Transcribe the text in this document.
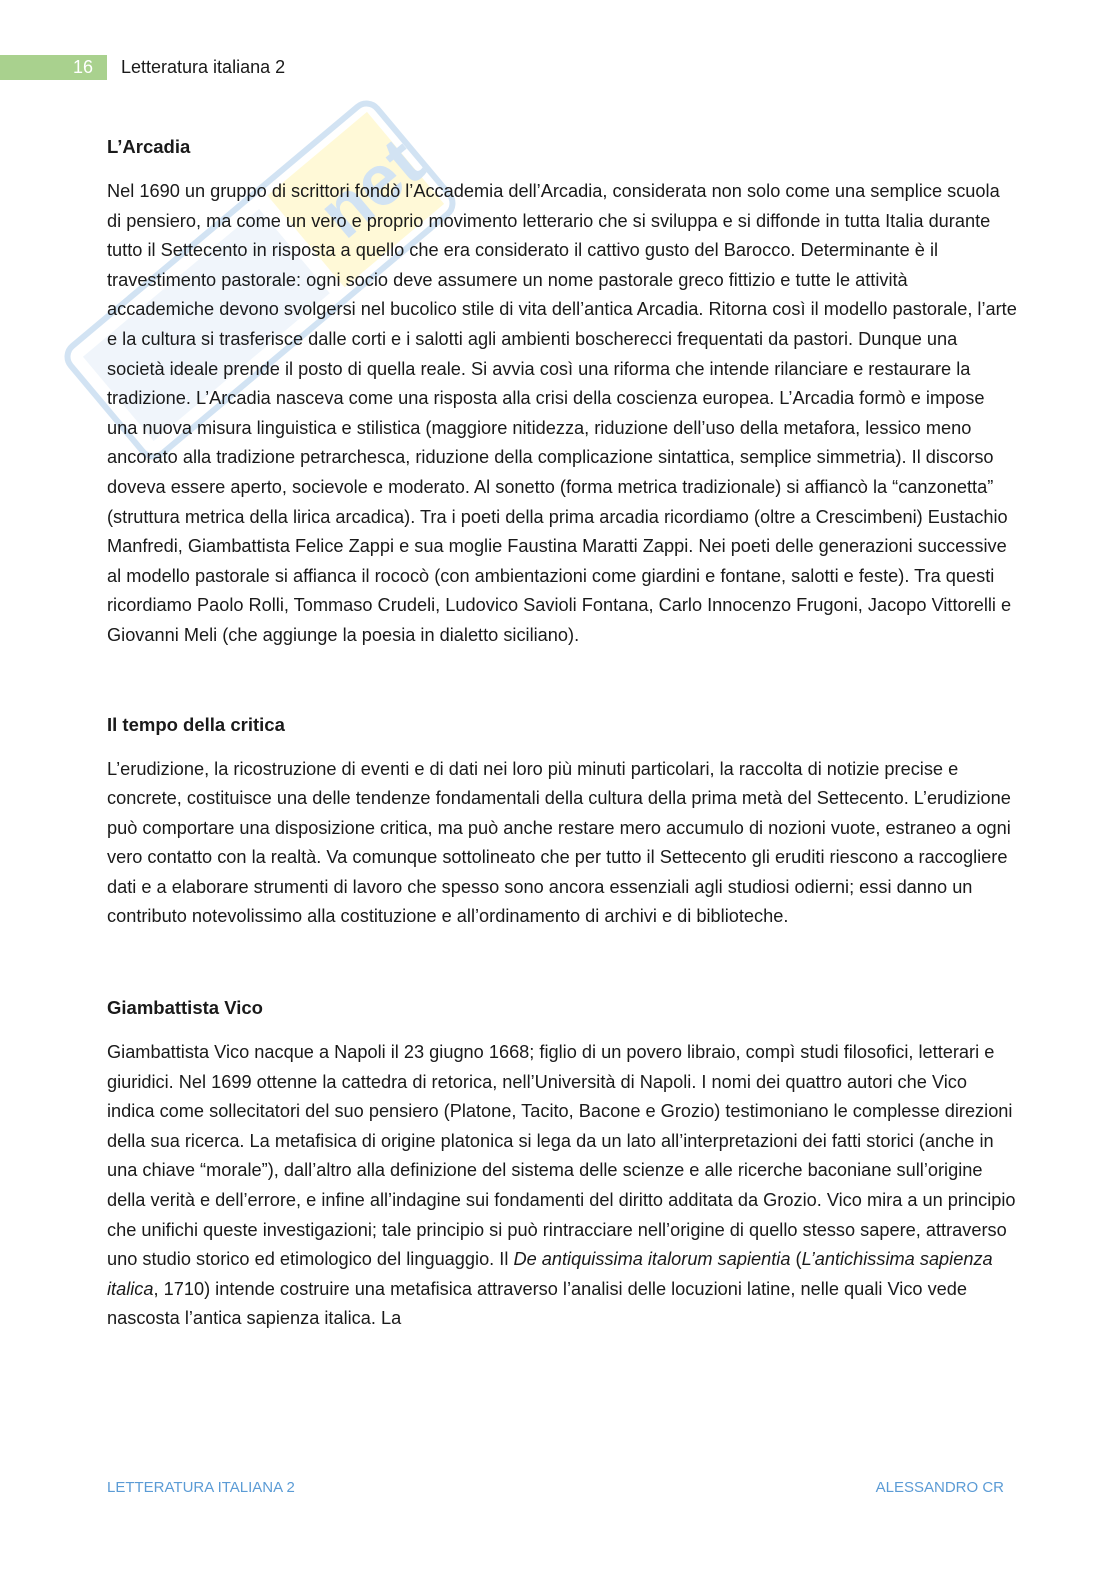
16	Letteratura italiana 2
net
L’Arcadia

Nel 1690 un gruppo di scrittori fondò l’Accademia dell’Arcadia, considerata non solo come una semplice scuola di pensiero, ma come un vero e proprio movimento letterario che si sviluppa e si diffonde in tutta Italia durante tutto il Settecento in risposta a quello che era considerato il cattivo gusto del Barocco. Determinante è il travestimento pastorale: ogni socio deve assumere un nome pastorale greco fittizio e tutte le attività accademiche devono svolgersi nel bucolico stile di vita dell’antica Arcadia. Ritorna così il modello pastorale, l’arte e la cultura si trasferisce dalle corti e i salotti agli ambienti boscherecci frequentati da pastori. Dunque una società ideale prende il posto di quella reale. Si avvia così una riforma che intende rilanciare e restaurare la tradizione. L’Arcadia nasceva come una risposta alla crisi della coscienza europea. L’Arcadia formò e impose una nuova misura linguistica e stilistica (maggiore nitidezza, riduzione dell’uso della metafora, lessico meno ancorato alla tradizione petrarchesca, riduzione della complicazione sintattica, semplice simmetria). Il discorso doveva essere aperto, socievole e moderato. Al sonetto (forma metrica tradizionale) si affiancò la “canzonetta” (struttura metrica della lirica arcadica). Tra i poeti della prima arcadia ricordiamo (oltre a Crescimbeni) Eustachio Manfredi, Giambattista Felice Zappi e sua moglie Faustina Maratti Zappi. Nei poeti delle generazioni successive al modello pastorale si affianca il rococò (con ambientazioni come giardini e fontane, salotti e feste). Tra questi ricordiamo Paolo Rolli, Tommaso Crudeli, Ludovico Savioli Fontana, Carlo Innocenzo Frugoni, Jacopo Vittorelli e Giovanni Meli (che aggiunge la poesia in dialetto siciliano).

Il tempo della critica

L’erudizione, la ricostruzione di eventi e di dati nei loro più minuti particolari, la raccolta di notizie precise e concrete, costituisce una delle tendenze fondamentali della cultura della prima metà del Settecento. L’erudizione può comportare una disposizione critica, ma può anche restare mero accumulo di nozioni vuote, estraneo a ogni vero contatto con la realtà. Va comunque sottolineato che per tutto il Settecento gli eruditi riescono a raccogliere dati e a elaborare strumenti di lavoro che spesso sono ancora essenziali agli studiosi odierni; essi danno un contributo notevolissimo alla costituzione e all’ordinamento di archivi e di biblioteche.

Giambattista Vico

Giambattista Vico nacque a Napoli il 23 giugno 1668; figlio di un povero libraio, compì studi filosofici, letterari e giuridici. Nel 1699 ottenne la cattedra di retorica, nell’Università di Napoli. I nomi dei quattro autori che Vico indica come sollecitatori del suo pensiero (Platone, Tacito, Bacone e Grozio) testimoniano le complesse direzioni della sua ricerca. La metafisica di origine platonica si lega da un lato all’interpretazioni dei fatti storici (anche in una chiave “morale”), dall’altro alla definizione del sistema delle scienze e alle ricerche baconiane sull’origine della verità e dell’errore, e infine all’indagine sui fondamenti del diritto additata da Grozio. Vico mira a un principio che unifichi queste investigazioni; tale principio si può rintracciare nell’origine di quello stesso sapere, attraverso uno studio storico ed etimologico del linguaggio. Il De antiquissima italorum sapientia (L’antichissima sapienza italica, 1710) intende costruire una metafisica attraverso l’analisi delle locuzioni latine, nelle quali Vico vede nascosta l’antica sapienza italica. La

LETTERATURA ITALIANA 2	ALESSANDRO CR
